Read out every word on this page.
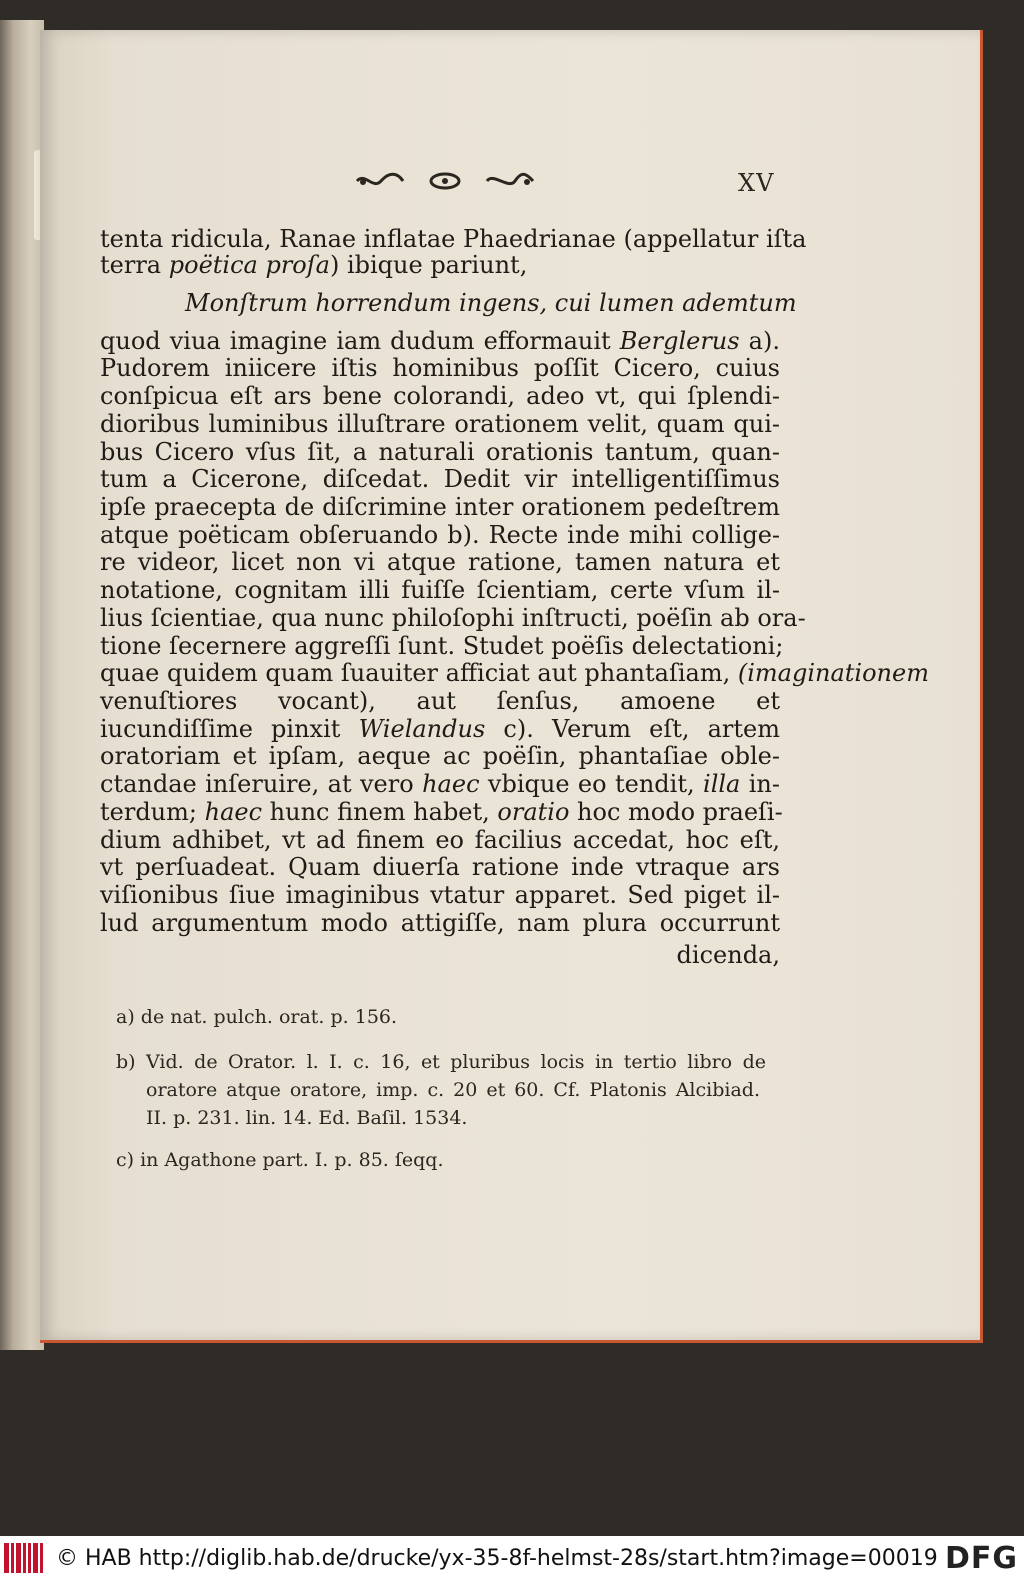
XV
tenta ridicula, Ranae inflatae Phaedrianae (appellatur iſta
terra poëtica proſa) ibique pariunt,
Monſtrum horrendum ingens, cui lumen ademtum
quod viua imagine iam dudum efformauit Berglerus a).
Pudorem iniicere iſtis hominibus poſſit Cicero, cuius
conſpicua eſt ars bene colorandi, adeo vt, qui ſplendi-
dioribus luminibus illuſtrare orationem velit, quam qui-
bus Cicero vſus ſit, a naturali orationis tantum, quan-
tum a Cicerone, diſcedat. Dedit vir intelligentiſſimus
ipſe praecepta de diſcrimine inter orationem pedeſtrem
atque poëticam obſeruando b). Recte inde mihi collige-
re videor, licet non vi atque ratione, tamen natura et
notatione, cognitam illi fuiſſe ſcientiam, certe vſum il-
lius ſcientiae, qua nunc philoſophi inſtructi, poëſin ab ora-
tione ſecernere aggreſſi ſunt. Studet poëſis delectationi;
quae quidem quam ſuauiter afficiat aut phantaſiam, (imaginationem
venuſtiores vocant), aut ſenſus, amoene et
iucundiſſime pinxit Wielandus c). Verum eſt, artem
oratoriam et ipſam, aeque ac poëſin, phantaſiae oble-
ctandae inſeruire, at vero haec vbique eo tendit, illa in-
terdum; haec hunc finem habet, oratio hoc modo praeſi-
dium adhibet, vt ad finem eo facilius accedat, hoc eſt,
vt perſuadeat. Quam diuerſa ratione inde vtraque ars
viſionibus ſiue imaginibus vtatur apparet. Sed piget il-
lud argumentum modo attigiſſe, nam plura occurrunt
dicenda,
a) de nat. pulch. orat. p. 156.
b) Vid. de Orator. l. I. c. 16, et pluribus locis in tertio libro de
oratore atque oratore, imp. c. 20 et 60. Cf. Platonis Alcibiad.
II. p. 231. lin. 14. Ed. Baſil. 1534.
c) in Agathone part. I. p. 85. ſeqq.
© HAB http://diglib.hab.de/drucke/yx-35-8f-helmst-28s/start.htm?image=00019 DFG
